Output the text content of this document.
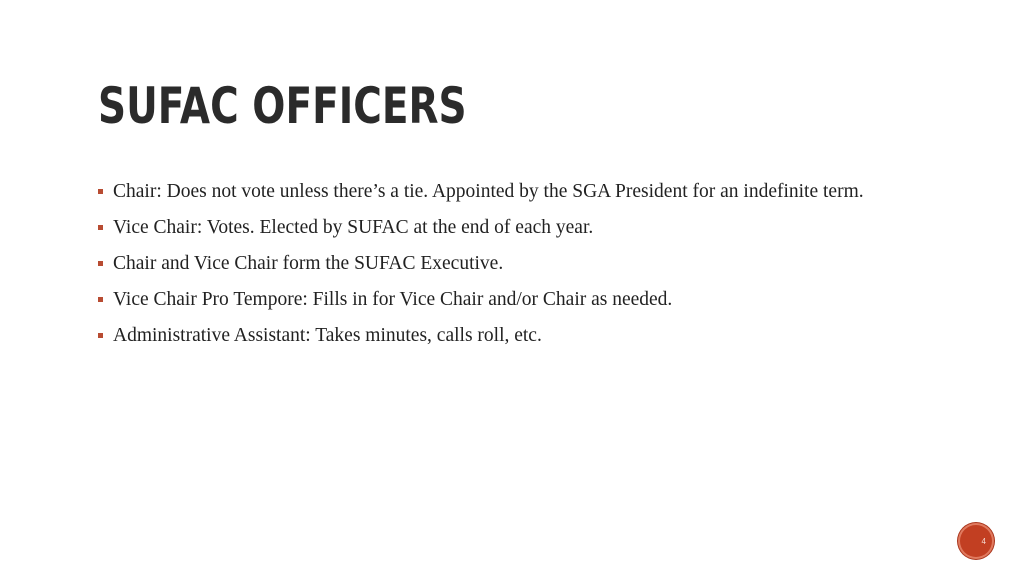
SUFAC OFFICERS
Chair: Does not vote unless there’s a tie. Appointed by the SGA President for an indefinite term.
Vice Chair: Votes. Elected by SUFAC at the end of each year.
Chair and Vice Chair form the SUFAC Executive.
Vice Chair Pro Tempore: Fills in for Vice Chair and/or Chair as needed.
Administrative Assistant: Takes minutes, calls roll, etc.
4
